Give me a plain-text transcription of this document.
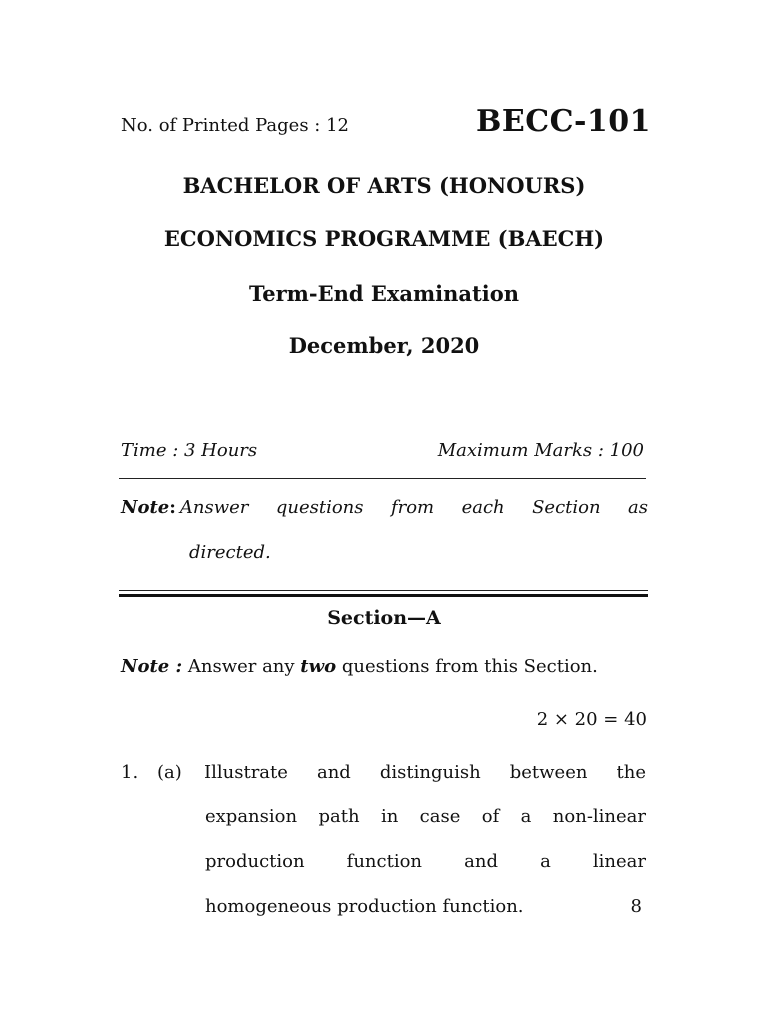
No. of Printed Pages : 12	BECC-101
BACHELOR OF ARTS (HONOURS)
ECONOMICS PROGRAMME (BAECH)
Term-End Examination
December, 2020
Time : 3 Hours	Maximum Marks : 100
Note : Answer questions from each Section as
directed.
Section—A
Note : Answer any two questions from this Section.
2 × 20 = 40
1. (a) Illustrate and distinguish between the
expansion path in case of a non-linear
production function and a linear
homogeneous production function.	8
